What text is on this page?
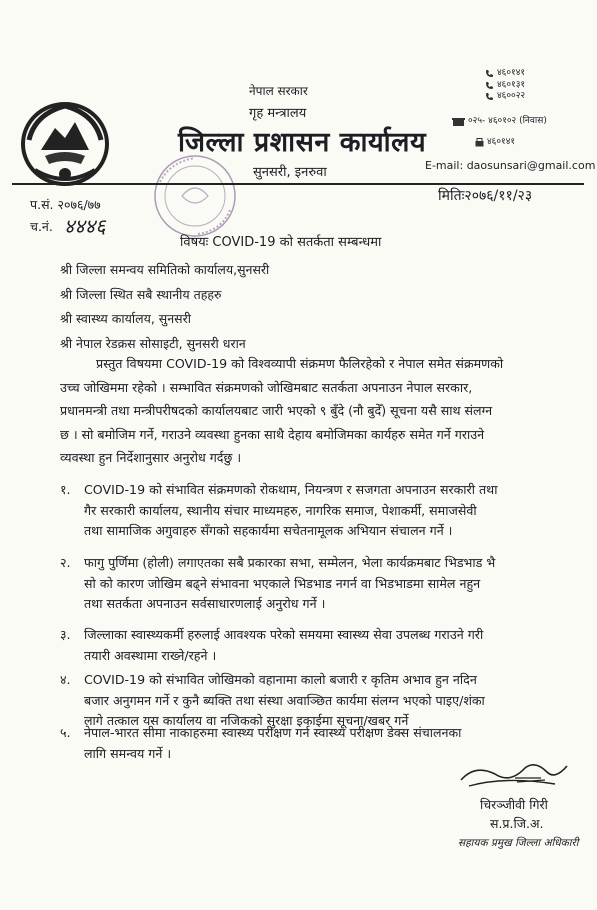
नेपाल सरकार
गृह मन्त्रालय
जिल्ला प्रशासन कार्यालय
सुनसरी, इनरुवा
४६०१४१
४६०१३१
४६००२२
०२५- ४६०१०२ (निवास)
४६०१४१
E-mail: daosunsari@gmail.com
प.सं. २०७६/७७
च.नं. ४४४६
मितिः२०७६/११/२३
विषयः COVID-19 को सतर्कता सम्बन्धमा
श्री जिल्ला समन्वय समितिको कार्यालय,सुनसरी
श्री जिल्ला स्थित सबै स्थानीय तहहरु
श्री स्वास्थ्य कार्यालय, सुनसरी
श्री नेपाल रेडक्रस सोसाइटी, सुनसरी धरान
प्रस्तुत विषयमा COVID-19 को विश्वव्यापी संक्रमण फैलिरहेको र नेपाल समेत संक्रमणको
उच्च जोखिममा रहेको । सम्भावित संक्रमणको जोखिमबाट सतर्कता अपनाउन नेपाल सरकार,
प्रधानमन्त्री तथा मन्त्रीपरीषदको कार्यालयबाट जारी भएको ९ बुँदे (नौ बुदेँ) सूचना यसै साथ संलग्न
छ । सो बमोजिम गर्ने, गराउने व्यवस्था हुनका साथै देहाय बमोजिमका कार्यहरु समेत गर्ने गराउने
व्यवस्था हुन निर्देशानुसार अनुरोध गर्दछु ।
१. COVID-19 को संभावित संक्रमणको रोकथाम, नियन्त्रण र सजगता अपनाउन सरकारी तथा
गैर सरकारी कार्यालय, स्थानीय संचार माध्यमहरु, नागरिक समाज, पेशाकर्मी, समाजसेवी
तथा सामाजिक अगुवाहरु सँगको सहकार्यमा सचेतनामूलक अभियान संचालन गर्ने ।
२. फागु पुर्णिमा (होली) लगाएतका सबै प्रकारका सभा, सम्मेलन, भेला कार्यक्रमबाट भिडभाड भै
सो को कारण जोखिम बढ्ने संभावना भएकाले भिडभाड नगर्न वा भिडभाडमा सामेल नहुन
तथा सतर्कता अपनाउन सर्वसाधारणलाई अनुरोध गर्ने ।
३. जिल्लाका स्वास्थ्यकर्मी हरुलाई आवश्यक परेको समयमा स्वास्थ्य सेवा उपलब्ध गराउने गरी
तयारी अवस्थामा राख्ने/रहने ।
४. COVID-19 को संभावित जोखिमको वहानामा कालो बजारी र कृतिम अभाव हुन नदिन
बजार अनुगमन गर्ने र कुनै ब्यक्ति तथा संस्था अवाञ्छित कार्यमा संलग्न भएको पाइए/शंका
लागे तत्काल यस कार्यालय वा नजिकको सुरक्षा इकाईमा सूचना/खबर गर्ने
५. नेपाल-भारत सीमा नाकाहरुमा स्वास्थ्य परीक्षण गर्न स्वास्थ्य परीक्षण डेक्स संचालनका
लागि समन्वय गर्ने ।
चिरञ्जीवी गिरी
स.प्र.जि.अ.
सहायक प्रमुख जिल्ला अधिकारी
